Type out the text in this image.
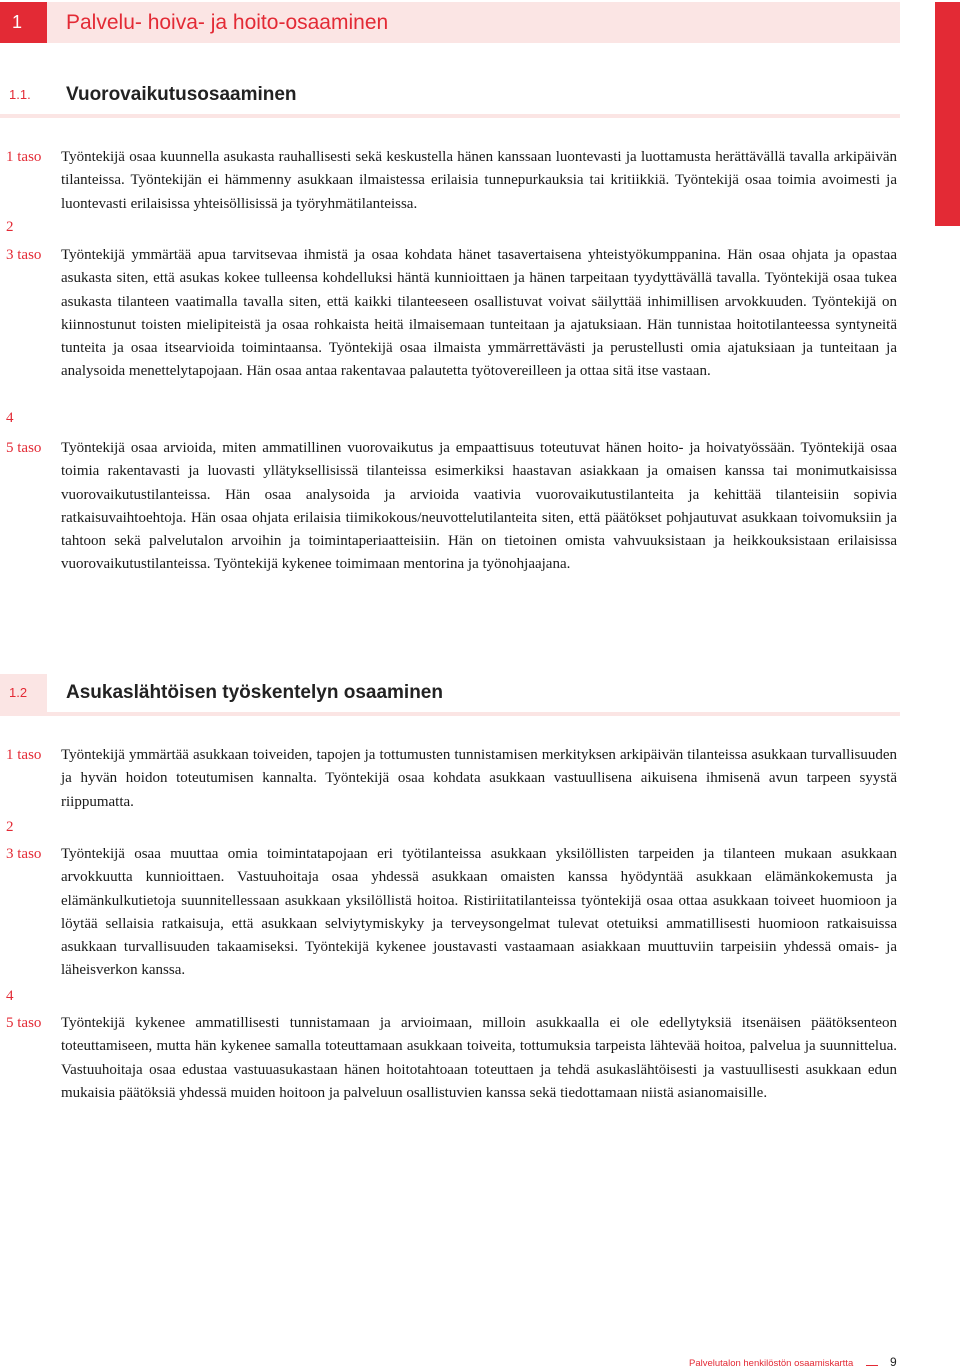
1	Palvelu- hoiva- ja hoito-osaaminen
1.1.	Vuorovaikutusosaaminen
1 taso Työntekijä osaa kuunnella asukasta rauhallisesti sekä keskustella hänen kanssaan luontevasti ja luottamusta herättävällä tavalla arkipäivän tilanteissa. Työntekijän ei hämmenny asukkaan ilmaistessa erilaisia tunnepurkauksia tai kritiikkiä. Työntekijä osaa toimia avoimesti ja luontevasti erilaisissa yhteisöllisissä ja työryhmätilanteissa.

2
3 taso Työntekijä ymmärtää apua tarvitsevaa ihmistä ja osaa kohdata hänet tasavertaisena yhteistyökumppanina. Hän osaa ohjata ja opastaa asukasta siten, että asukas kokee tulleensa kohdelluksi häntä kunnioittaen ja hänen tarpeitaan tyydyttävällä tavalla. Työntekijä osaa tukea asukasta tilanteen vaatimalla tavalla siten, että kaikki tilanteeseen osallistuvat voivat säilyttää inhimillisen arvokkuuden. Työntekijä on kiinnostunut toisten mielipiteistä ja osaa rohkaista heitä ilmaisemaan tunteitaan ja ajatuksiaan. Hän tunnistaa hoitotilanteessa syntyneitä tunteita ja osaa itsearvioida toimintaansa. Työntekijä osaa ilmaista ymmärrettävästi ja perustellusti omia ajatuksiaan ja tunteitaan ja analysoida menettelytapojaan. Hän osaa antaa rakentavaa palautetta työtovereilleen ja ottaa sitä itse vastaan.

4
5 taso Työntekijä osaa arvioida, miten ammatillinen vuorovaikutus ja empaattisuus toteutuvat hänen hoito- ja hoivatyössään. Työntekijä osaa toimia rakentavasti ja luovasti yllätyksellisissä tilanteissa esimerkiksi haastavan asiakkaan ja omaisen kanssa tai monimutkaisissa vuorovaikutustilanteissa. Hän osaa analysoida ja arvioida vaativia vuorovaikutustilanteita ja kehittää tilanteisiin sopivia ratkaisuvaihtoehtoja. Hän osaa ohjata erilaisia tiimikokous/neuvottelutilanteita siten, että päätökset pohjautuvat asukkaan toivomuksiin ja tahtoon sekä palvelutalon arvoihin ja toimintaperiaatteisiin. Hän on tietoinen omista vahvuuksistaan ja heikkouksistaan erilaisissa vuorovaikutustilanteissa. Työntekijä kykenee toimimaan mentorina ja työnohjaajana.

1.2	Asukaslähtöisen työskentelyn osaaminen
1 taso Työntekijä ymmärtää asukkaan toiveiden, tapojen ja tottumusten tunnistamisen merkityksen arkipäivän tilanteissa asukkaan turvallisuuden ja hyvän hoidon toteutumisen kannalta. Työntekijä osaa kohdata asukkaan vastuullisena aikuisena ihmisenä avun tarpeen syystä riippumatta.

2
3 taso Työntekijä osaa muuttaa omia toimintatapojaan eri työtilanteissa asukkaan yksilöllisten tarpeiden ja tilanteen mukaan asukkaan arvokkuutta kunnioittaen. Vastuuhoitaja osaa yhdessä asukkaan omaisten kanssa hyödyntää asukkaan elämänkokemusta ja elämänkulkutietoja suunnitellessaan asukkaan yksilöllistä hoitoa. Ristiriitatilanteissa työntekijä osaa ottaa asukkaan toiveet huomioon ja löytää sellaisia ratkaisuja, että asukkaan selviytymiskyky ja terveysongelmat tulevat otetuiksi ammatillisesti huomioon ratkaisuissa asukkaan turvallisuuden takaamiseksi. Työntekijä kykenee joustavasti vastaamaan asiakkaan muuttuviin tarpeisiin yhdessä omais- ja läheisverkon kanssa.

4
5 taso Työntekijä kykenee ammatillisesti tunnistamaan ja arvioimaan, milloin asukkaalla ei ole edellytyksiä itsenäisen päätöksenteon toteuttamiseen, mutta hän kykenee samalla toteuttamaan asukkaan toiveita, tottumuksia tarpeista lähtevää hoitoa, palvelua ja suunnittelua. Vastuuhoitaja osaa edustaa vastuuasukastaan hänen hoitotahtoaan toteuttaen ja tehdä asukaslähtöisesti ja vastuullisesti asukkaan edun mukaisia päätöksiä yhdessä muiden hoitoon ja palveluun osallistuvien kanssa sekä tiedottamaan niistä asianomaisille.

Palvelutalon henkilöstön osaamiskartta	9
